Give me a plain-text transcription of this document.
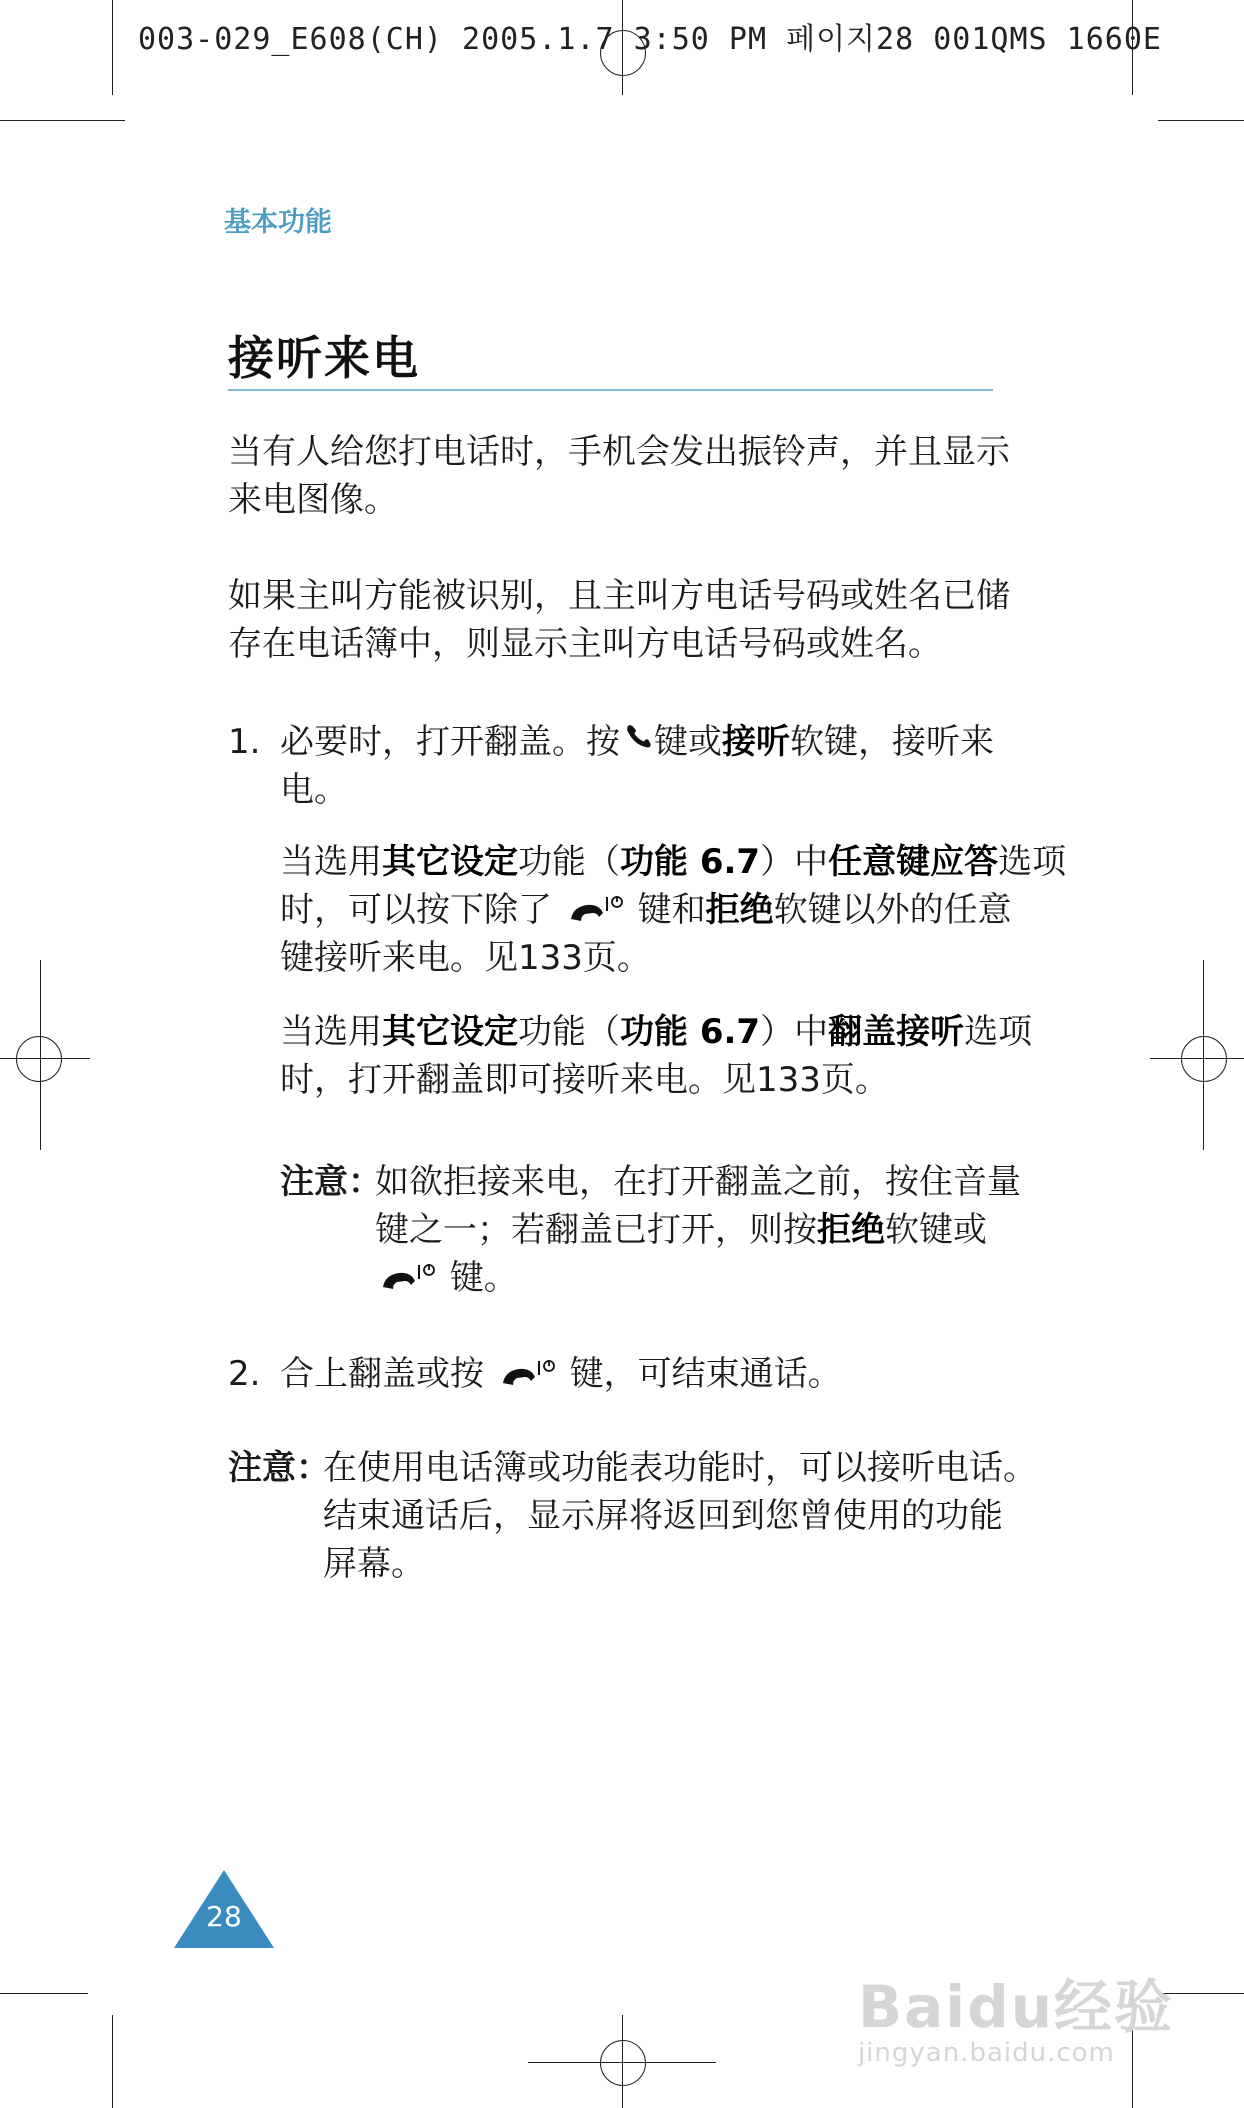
003-029_E608(CH) 2005.1.7 3:50 PM 페이지28 001QMS 1660E
基本功能
接听来电
当有人给您打电话时，手机会发出振铃声，并且显示
来电图像。
如果主叫方能被识别，且主叫方电话号码或姓名已储
存在电话簿中，则显示主叫方电话号码或姓名。
1. 必要时，打开翻盖。按 键或接听软键，接听来
电。
当选用其它设定功能（功能 6.7）中任意键应答选项
时，可以按下除了	键和拒绝软键以外的任意
键接听来电。见133页。
当选用其它设定功能（功能 6.7）中翻盖接听选项
时，打开翻盖即可接听来电。见133页。
注意：
如欲拒接来电，在打开翻盖之前，按住音量
键之一；若翻盖已打开，则按拒绝软键或
键。
2. 合上翻盖或按	键，可结束通话。
注意：
在使用电话簿或功能表功能时，可以接听电话。
结束通话后，显示屏将返回到您曾使用的功能
屏幕。
28
Baidu经验
jingyan.baidu.com
